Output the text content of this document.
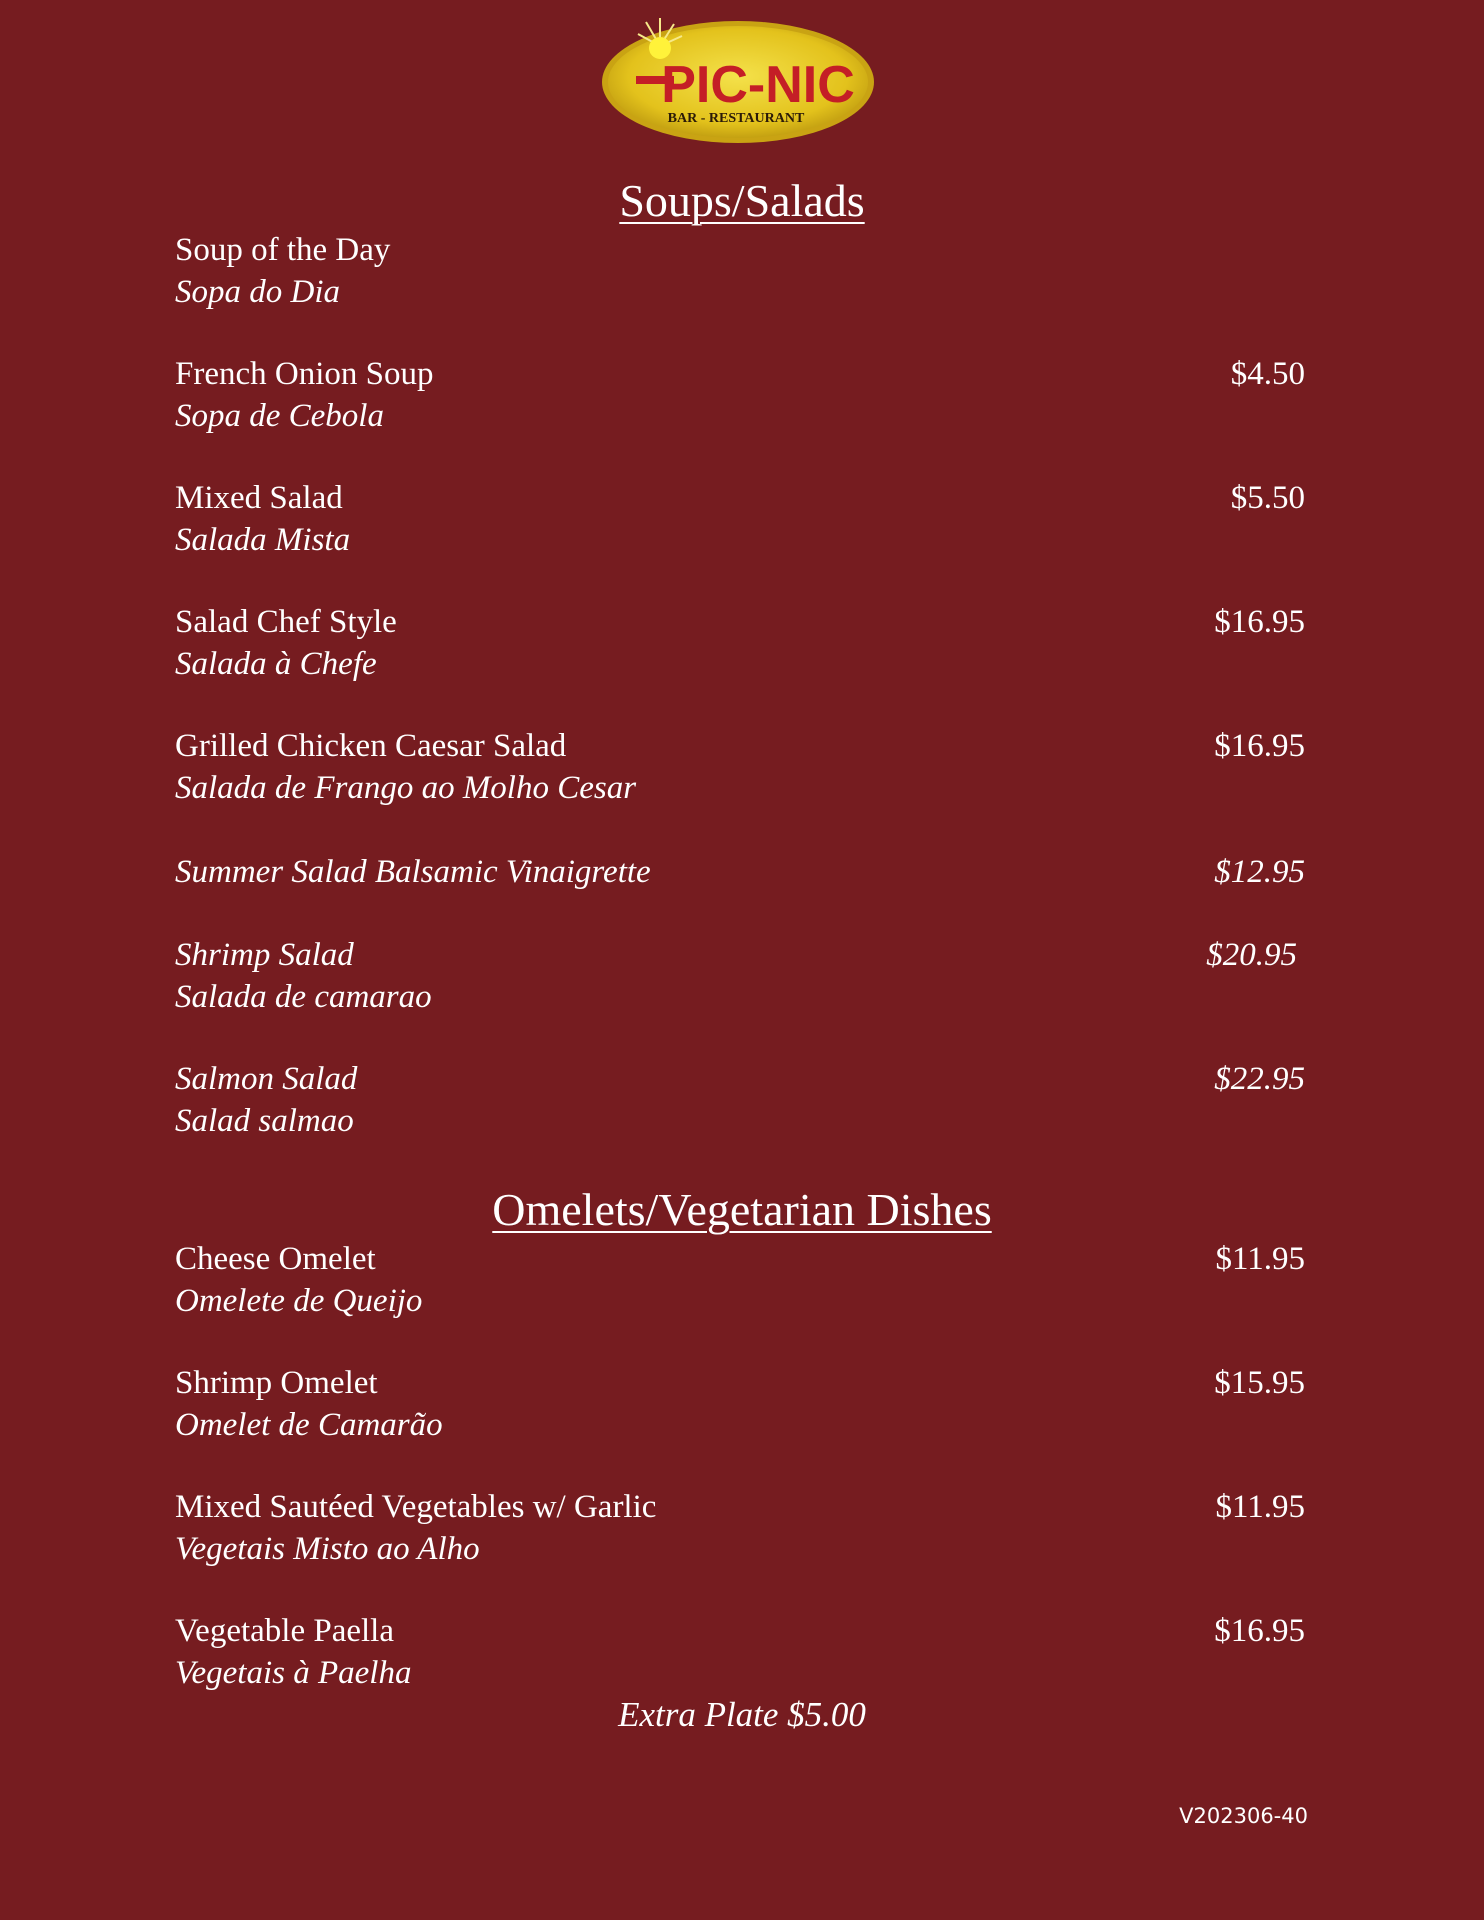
PIC-NIC
BAR - RESTAURANT
Soups/Salads
Soup of the Day
Sopa do Dia
French Onion Soup
Sopa de Cebola
$4.50
Mixed Salad
Salada Mista
$5.50
Salad Chef Style
Salada à Chefe
$16.95
Grilled Chicken Caesar Salad
Salada de Frango ao Molho Cesar
$16.95
Summer Salad Balsamic Vinaigrette	$12.95
Shrimp Salad
Salada de camarao
$20.95
Salmon Salad
Salad salmao
$22.95
Omelets/Vegetarian Dishes
Cheese Omelet
Omelete de Queijo
$11.95
Shrimp Omelet
Omelet de Camarão
$15.95
Mixed Sautéed Vegetables w/ Garlic
Vegetais Misto ao Alho
$11.95
Vegetable Paella
Vegetais à Paelha
$16.95
Extra Plate $5.00
V202306-40
